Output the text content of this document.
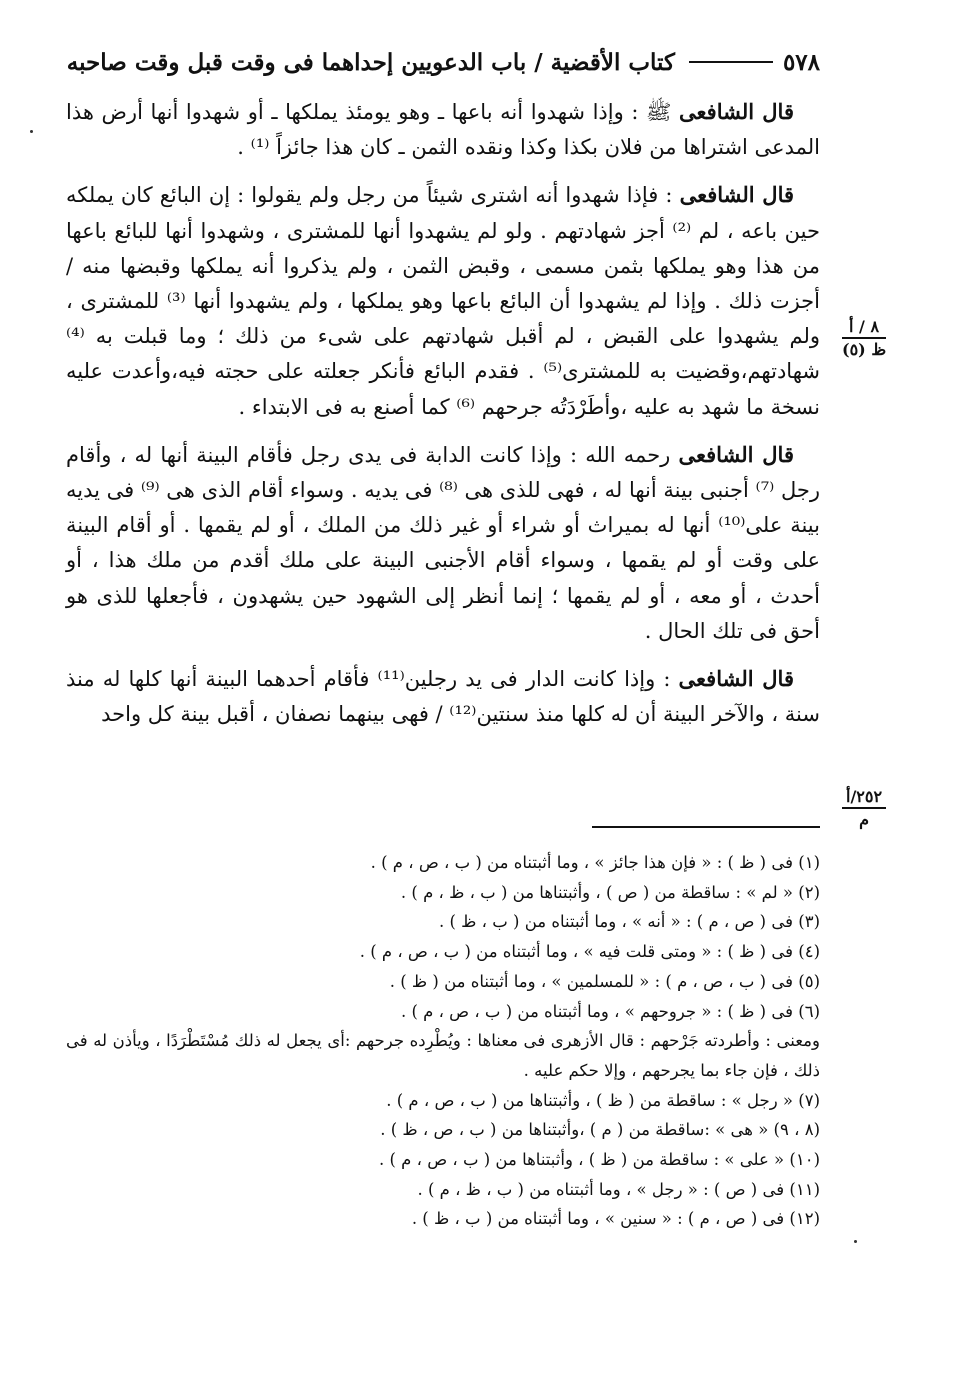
٥٧٨
كتاب الأقضية / باب الدعويين إحداهما فى وقت قبل وقت صاحبه

قال الشافعى ﷺ : وإذا شهدوا أنه باعها ـ وهو يومئذ يملكها ـ أو شهدوا أنها أرض هذا المدعى اشتراها من فلان بكذا وكذا ونقده الثمن ـ كان هذا جائزاً ⁽¹⁾ .

قال الشافعى : فإذا شهدوا أنه اشترى شيئاً من رجل ولم يقولوا : إن البائع كان يملكه حين باعه ، لم ⁽²⁾ أجز شهادتهم . ولو لم يشهدوا أنها للمشترى ، وشهدوا أنها للبائع باعها من هذا وهو يملكها بثمن مسمى ، وقبض الثمن ، ولم يذكروا أنه يملكها وقبضها منه / أجزت ذلك . وإذا لم يشهدوا أن البائع باعها وهو يملكها ، ولم يشهدوا أنها ⁽³⁾ للمشترى ، ولم يشهدوا على القبض ، لم أقبل شهادتهم على شىء من ذلك ؛ وما قبلت به ⁽⁴⁾ شهادتهم،وقضيت به للمشترى⁽⁵⁾ . فقدم البائع فأنكر جعلته على حجته فيه،وأعدت عليه نسخة ما شهد به عليه ،وأطَرْدَتُه جرحهم ⁽⁶⁾ كما أصنع به فى الابتداء .

قال الشافعى رحمه الله : وإذا كانت الدابة فى يدى رجل فأقام البينة أنها له ، وأقام رجل ⁽⁷⁾ أجنبى بينة أنها له ، فهى للذى هى ⁽⁸⁾ فى يديه . وسواء أقام الذى هى ⁽⁹⁾ فى يديه بينة على⁽¹⁰⁾ أنها له بميراث أو شراء أو غير ذلك من الملك ، أو لم يقمها . أو أقام البينة على وقت أو لم يقمها ، وسواء أقام الأجنبى البينة على ملك أقدم من ملك هذا ، أو أحدث ، أو معه ، أو لم يقمها ؛ إنما أنظر إلى الشهود حين يشهدون ، فأجعلها للذى هو أحق فى تلك الحال .

قال الشافعى : وإذا كانت الدار فى يد رجلين⁽¹¹⁾ فأقام أحدهما البينة أنها كلها له منذ سنة ، والآخر البينة أن له كلها منذ سنتين⁽¹²⁾ / فهى بينهما نصفان ، أقبل بينة كل واحد

٨ / أ
ظ (٥)
٢٥٢/أ
م
(١) فى ( ظ ) : « فإن هذا جائز » ، وما أثبتناه من ( ب ، ص ، م ) .
(٢) « لم » : ساقطة من ( ص ) ، وأثبتناها من ( ب ، ظ ، م ) .
(٣) فى ( ص ، م ) : « أنه » ، وما أثبتناه من ( ب ، ظ ) .
(٤) فى ( ظ ) : « ومتى قلت فيه » ، وما أثبتناه من ( ب ، ص ، م ) .
(٥) فى ( ب ، ص ، م ) : « للمسلمين » ، وما أثبتناه من ( ظ ) .
(٦) فى ( ظ ) : « جروحهم » ، وما أثبتناه من ( ب ، ص ، م ) .
ومعنى : وأطردته جَرْحهم : قال الأزهرى فى معناها : ويُطْرِده جرحهم :أى يجعل له ذلك مُسْتَطْرَدًا ، ويأذن له فى ذلك ، فإن جاء بما يجرحهم ، وإلا حكم عليه .
(٧) « رجل » : ساقطة من ( ظ ) ، وأثبتناها من ( ب ، ص ، م ) .
(٨ ، ٩) « هى » :ساقطة من ( م ) ،وأثبتناها من ( ب ، ص ، ظ ) .
(١٠) « على » : ساقطة من ( ظ ) ، وأثبتناها من ( ب ، ص ، م ) .
(١١) فى ( ص ) : « رجل » ، وما أثبتناه من ( ب ، ظ ، م ) .
(١٢) فى ( ص ، م ) : « سنين » ، وما أثبتناه من ( ب ، ظ ) .
